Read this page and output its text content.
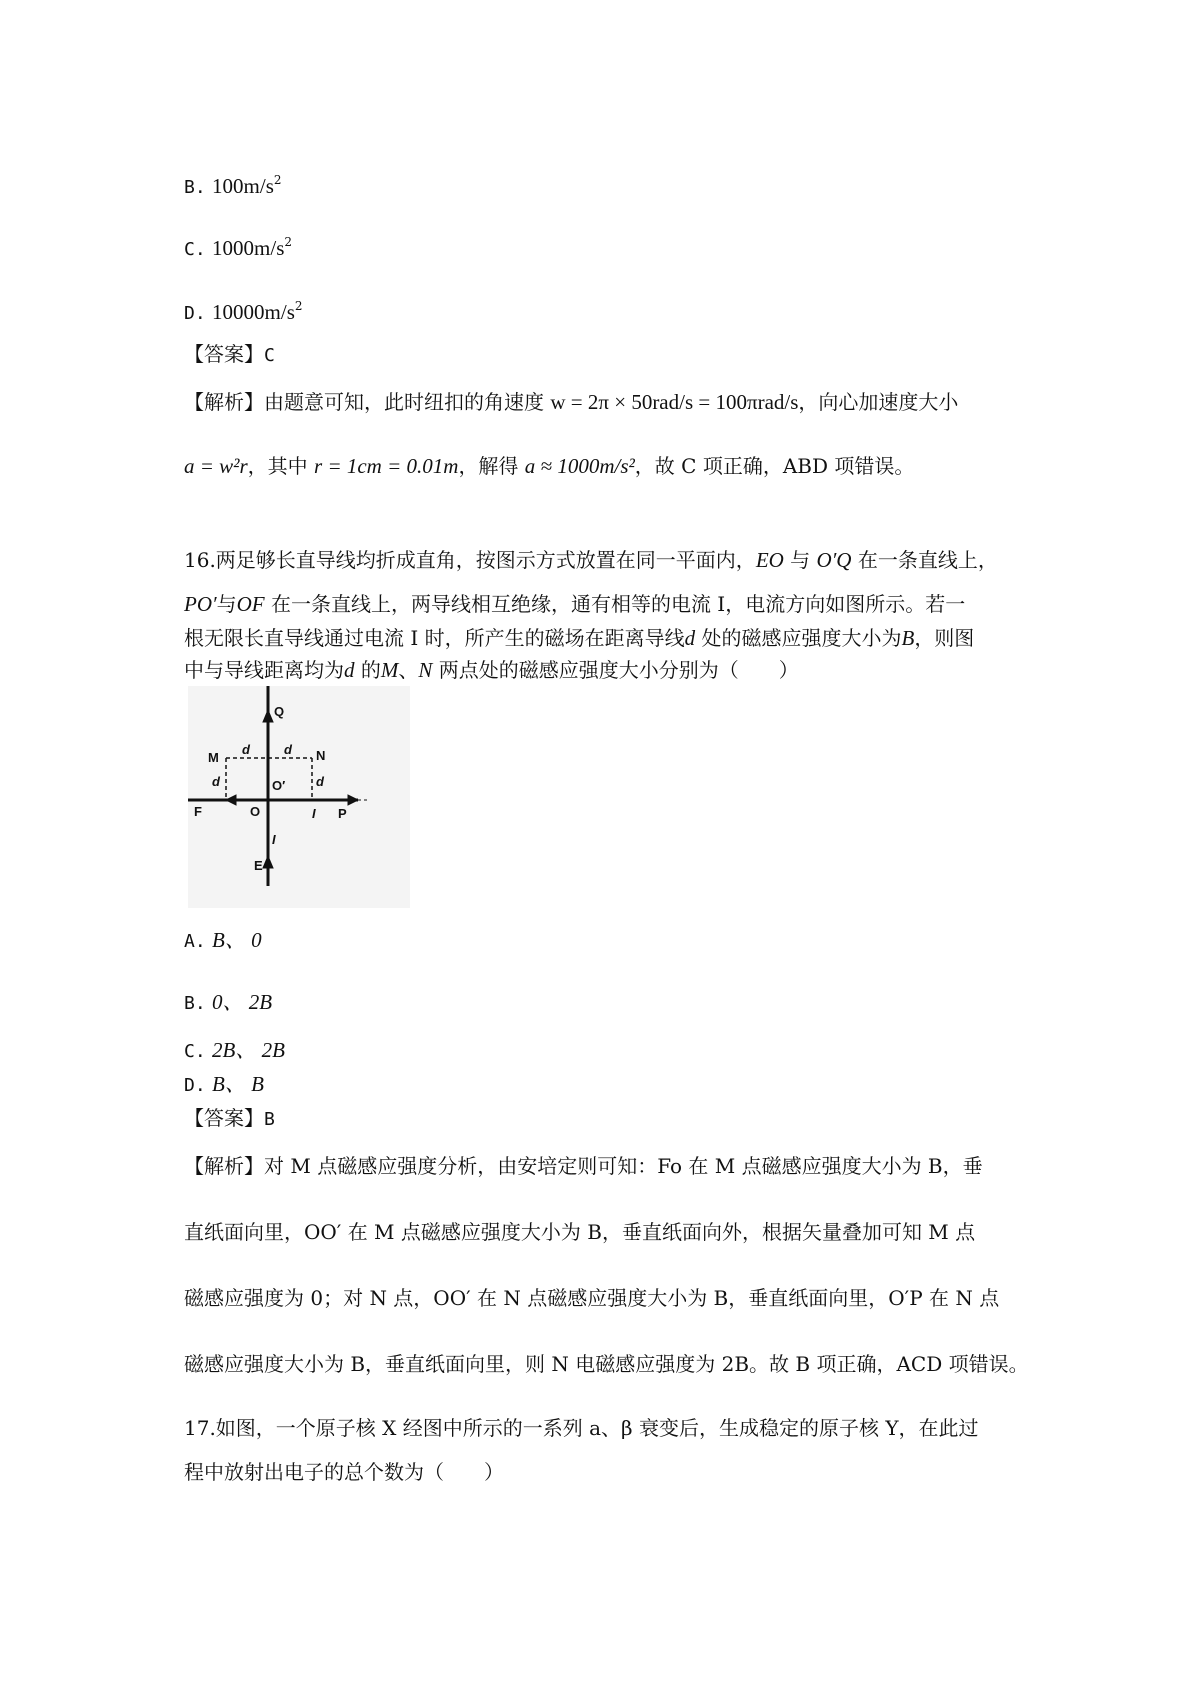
B. $100m/s^2$
C. $1000m/s^2$
D. $10000m/s^2$
【答案】C
【解析】由题意可知，此时纽扣的角速度 w = 2π × 50rad/s = 100πrad/s，向心加速度大小
a = w²r，其中 r = 1cm = 0.01m，解得 a ≈ 1000m/s²，故 C 项正确，ABD 项错误。
16.两足够长直导线均折成直角，按图示方式放置在同一平面内，EO 与 O′Q 在一条直线上，
PO′与OF 在一条直线上，两导线相互绝缘，通有相等的电流 I，电流方向如图所示。若一
根无限长直导线通过电流 I 时，所产生的磁场在距离导线d 处的磁感应强度大小为B，则图
中与导线距离均为d 的M、N 两点处的磁感应强度大小分别为（　　）
Q
M	N
d	d
d	d
O′
F	O	I P
I
E
A. B、 0
B. 0、 2B
C. 2B、 2B
D. B、 B
【答案】B
【解析】对 M 点磁感应强度分析，由安培定则可知：Fo 在 M 点磁感应强度大小为 B，垂
直纸面向里，OO′ 在 M 点磁感应强度大小为 B，垂直纸面向外，根据矢量叠加可知 M 点
磁感应强度为 0；对 N 点，OO′ 在 N 点磁感应强度大小为 B，垂直纸面向里，O′P 在 N 点
磁感应强度大小为 B，垂直纸面向里，则 N 电磁感应强度为 2B。故 B 项正确，ACD 项错误。
17.如图，一个原子核 X 经图中所示的一系列 a、β 衰变后，生成稳定的原子核 Y，在此过
程中放射出电子的总个数为（　　）
